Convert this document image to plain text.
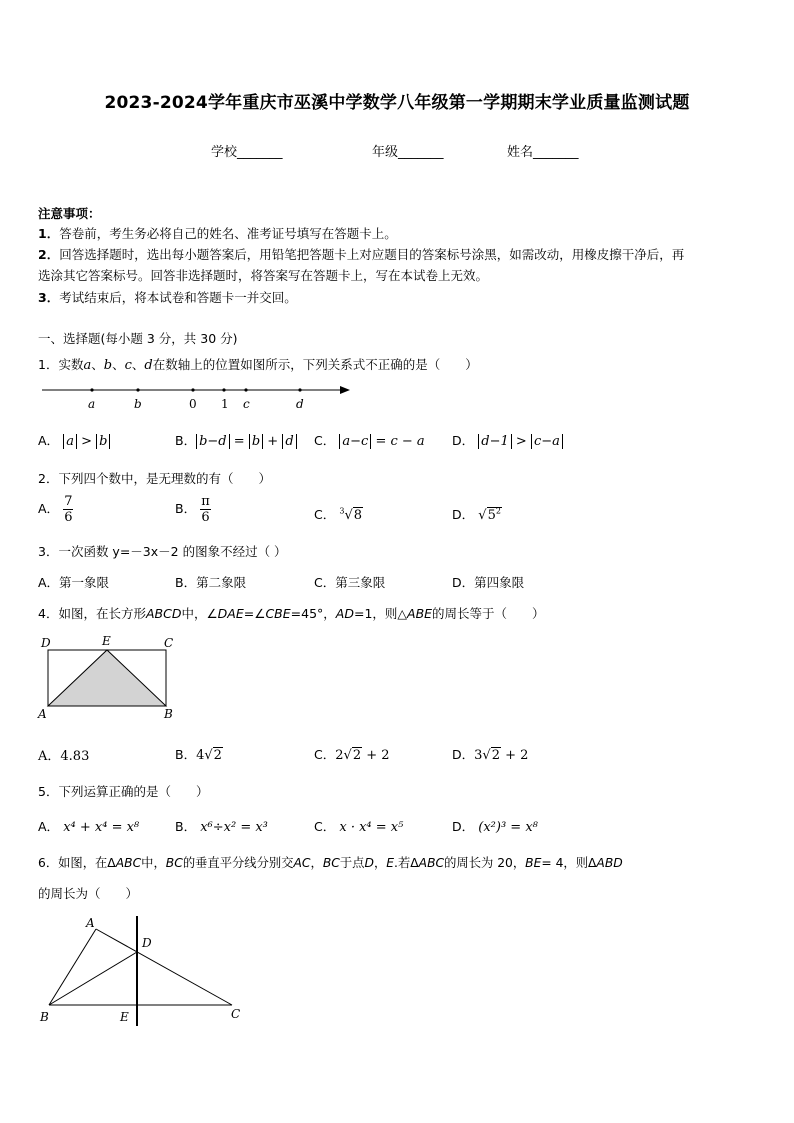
2023-2024学年重庆市巫溪中学数学八年级第一学期期末学业质量监测试题
学校_______	年级_______	姓名_______
注意事项：
1．答卷前，考生务必将自己的姓名、准考证号填写在答题卡上。
2．回答选择题时，选出每小题答案后，用铅笔把答题卡上对应题目的答案标号涂黑，如需改动，用橡皮擦干净后，再
选涂其它答案标号。回答非选择题时，将答案写在答题卡上，写在本试卷上无效。
3．考试结束后，将本试卷和答题卡一并交回。
一、选择题(每小题 3 分，共 30 分)
1．实数a、b、c、d在数轴上的位置如图所示，下列关系式不正确的是（　　）
a	b	0 1 c	d
A． a > b	B． b−d = b + d C． a−c = c − a D． d−1 > c−a
2．下列四个数中，是无理数的有（　　）
A． $\frac{7}{6}$	B． $\frac{\pi}{6}$	C． $^3$√8	D． $√5^2$
3．一次函数 y=－3x－2 的图象不经过（ ）
A．第一象限	B．第二象限	C．第三象限	D．第四象限
4．如图，在长方形ABCD中，∠DAE=∠CBE=45°，AD=1，则△ABE的周长等于（　　）
D	E	C
A	B
A．4.83	B．4√2	C．2√2 + 2	D．3√2 + 2
5．下列运算正确的是（　　）
A． x⁴ + x⁴ = x⁸	B． x⁶÷x² = x³	C． x · x⁴ = x⁵	D． (x²)³ = x⁸
6．如图，在ΔABC中，BC的垂直平分线分别交AC，BC于点D，E.若ΔABC的周长为 20，BE= 4，则ΔABD
的周长为（　　）
A
D
B	E	C
